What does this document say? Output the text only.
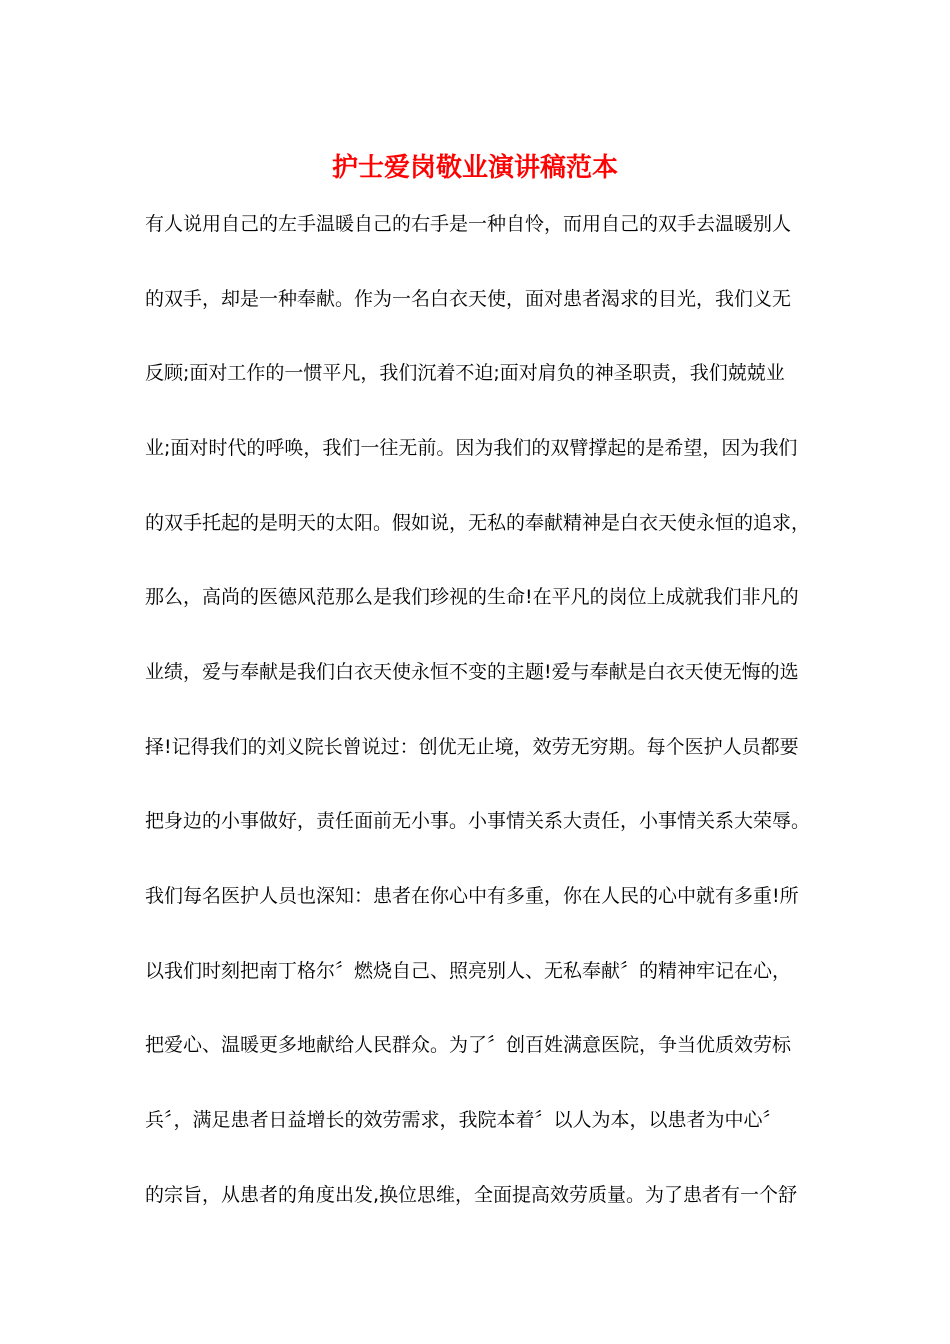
护士爱岗敬业演讲稿范本

有人说用自己的左手温暖自己的右手是一种自怜，而用自己的双手去温暖别人

的双手，却是一种奉献。作为一名白衣天使，面对患者渴求的目光，我们义无

反顾;面对工作的一惯平凡，我们沉着不迫;面对肩负的神圣职责，我们兢兢业

业;面对时代的呼唤，我们一往无前。因为我们的双臂撑起的是希望，因为我们

的双手托起的是明天的太阳。假如说，无私的奉献精神是白衣天使永恒的追求，

那么，高尚的医德风范那么是我们珍视的生命!在平凡的岗位上成就我们非凡的

业绩，爱与奉献是我们白衣天使永恒不变的主题!爱与奉献是白衣天使无悔的选

择!记得我们的刘义院长曾说过：创优无止境，效劳无穷期。每个医护人员都要

把身边的小事做好，责任面前无小事。小事情关系大责任，小事情关系大荣辱。

我们每名医护人员也深知：患者在你心中有多重，你在人民的心中就有多重!所

以我们时刻把南丁格尔〞燃烧自己、照亮别人、无私奉献〞的精神牢记在心，

把爱心、温暖更多地献给人民群众。为了〞创百姓满意医院，争当优质效劳标

兵〞，满足患者日益增长的效劳需求，我院本着〞以人为本，以患者为中心〞

的宗旨，从患者的角度出发,换位思维，全面提高效劳质量。为了患者有一个舒
